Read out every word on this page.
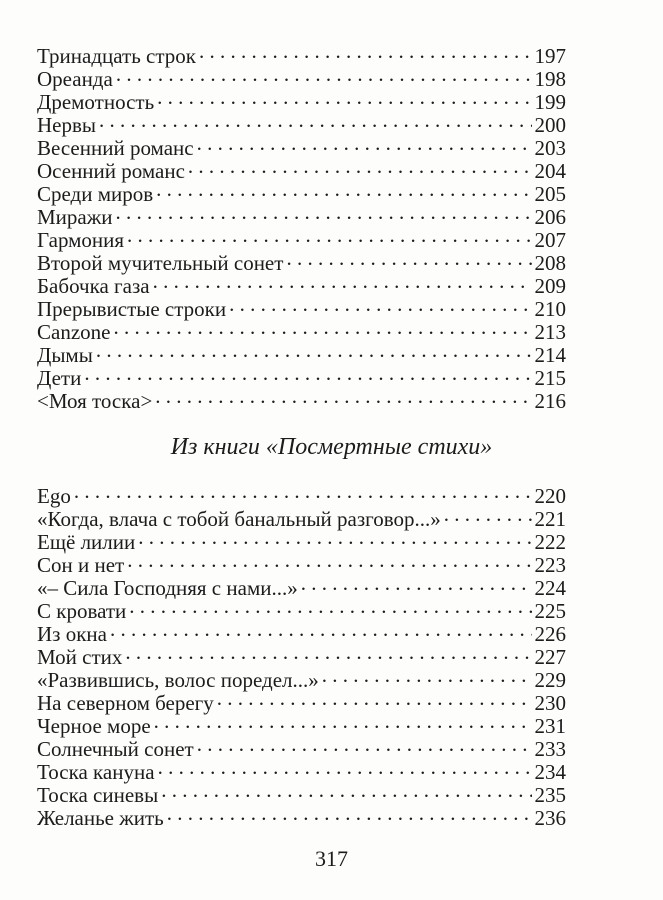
Тринадцать строк . . .	197
Ореанда . . .	198
Дремотность . . .	199
Нервы . . .	200
Весенний романс . . .	203
Осенний романс . . .	204
Среди миров . . .	205
Миражи . . .	206
Гармония . . .	207
Второй мучительный сонет . . .	208
Бабочка газа . . .	209
Прерывистые строки . . .	210
Canzone . . .	213
Дымы . . .	214
Дети . . .	215
<Моя тоска> . . .	216
Из книги «Посмертные стихи»
Ego . . .	220
«Когда, влача с тобой банальный разговор...» . . .	221
Ещё лилии . . .	222
Сон и нет . . .	223
«– Сила Господняя с нами...» . . .	224
С кровати . . .	225
Из окна . . .	226
Мой стих . . .	227
«Развившись, волос поредел...» . . .	229
На северном берегу . . .	230
Черное море . . .	231
Солнечный сонет . . .	233
Тоска кануна . . .	234
Тоска синевы . . .	235
Желанье жить . . .	236
317
